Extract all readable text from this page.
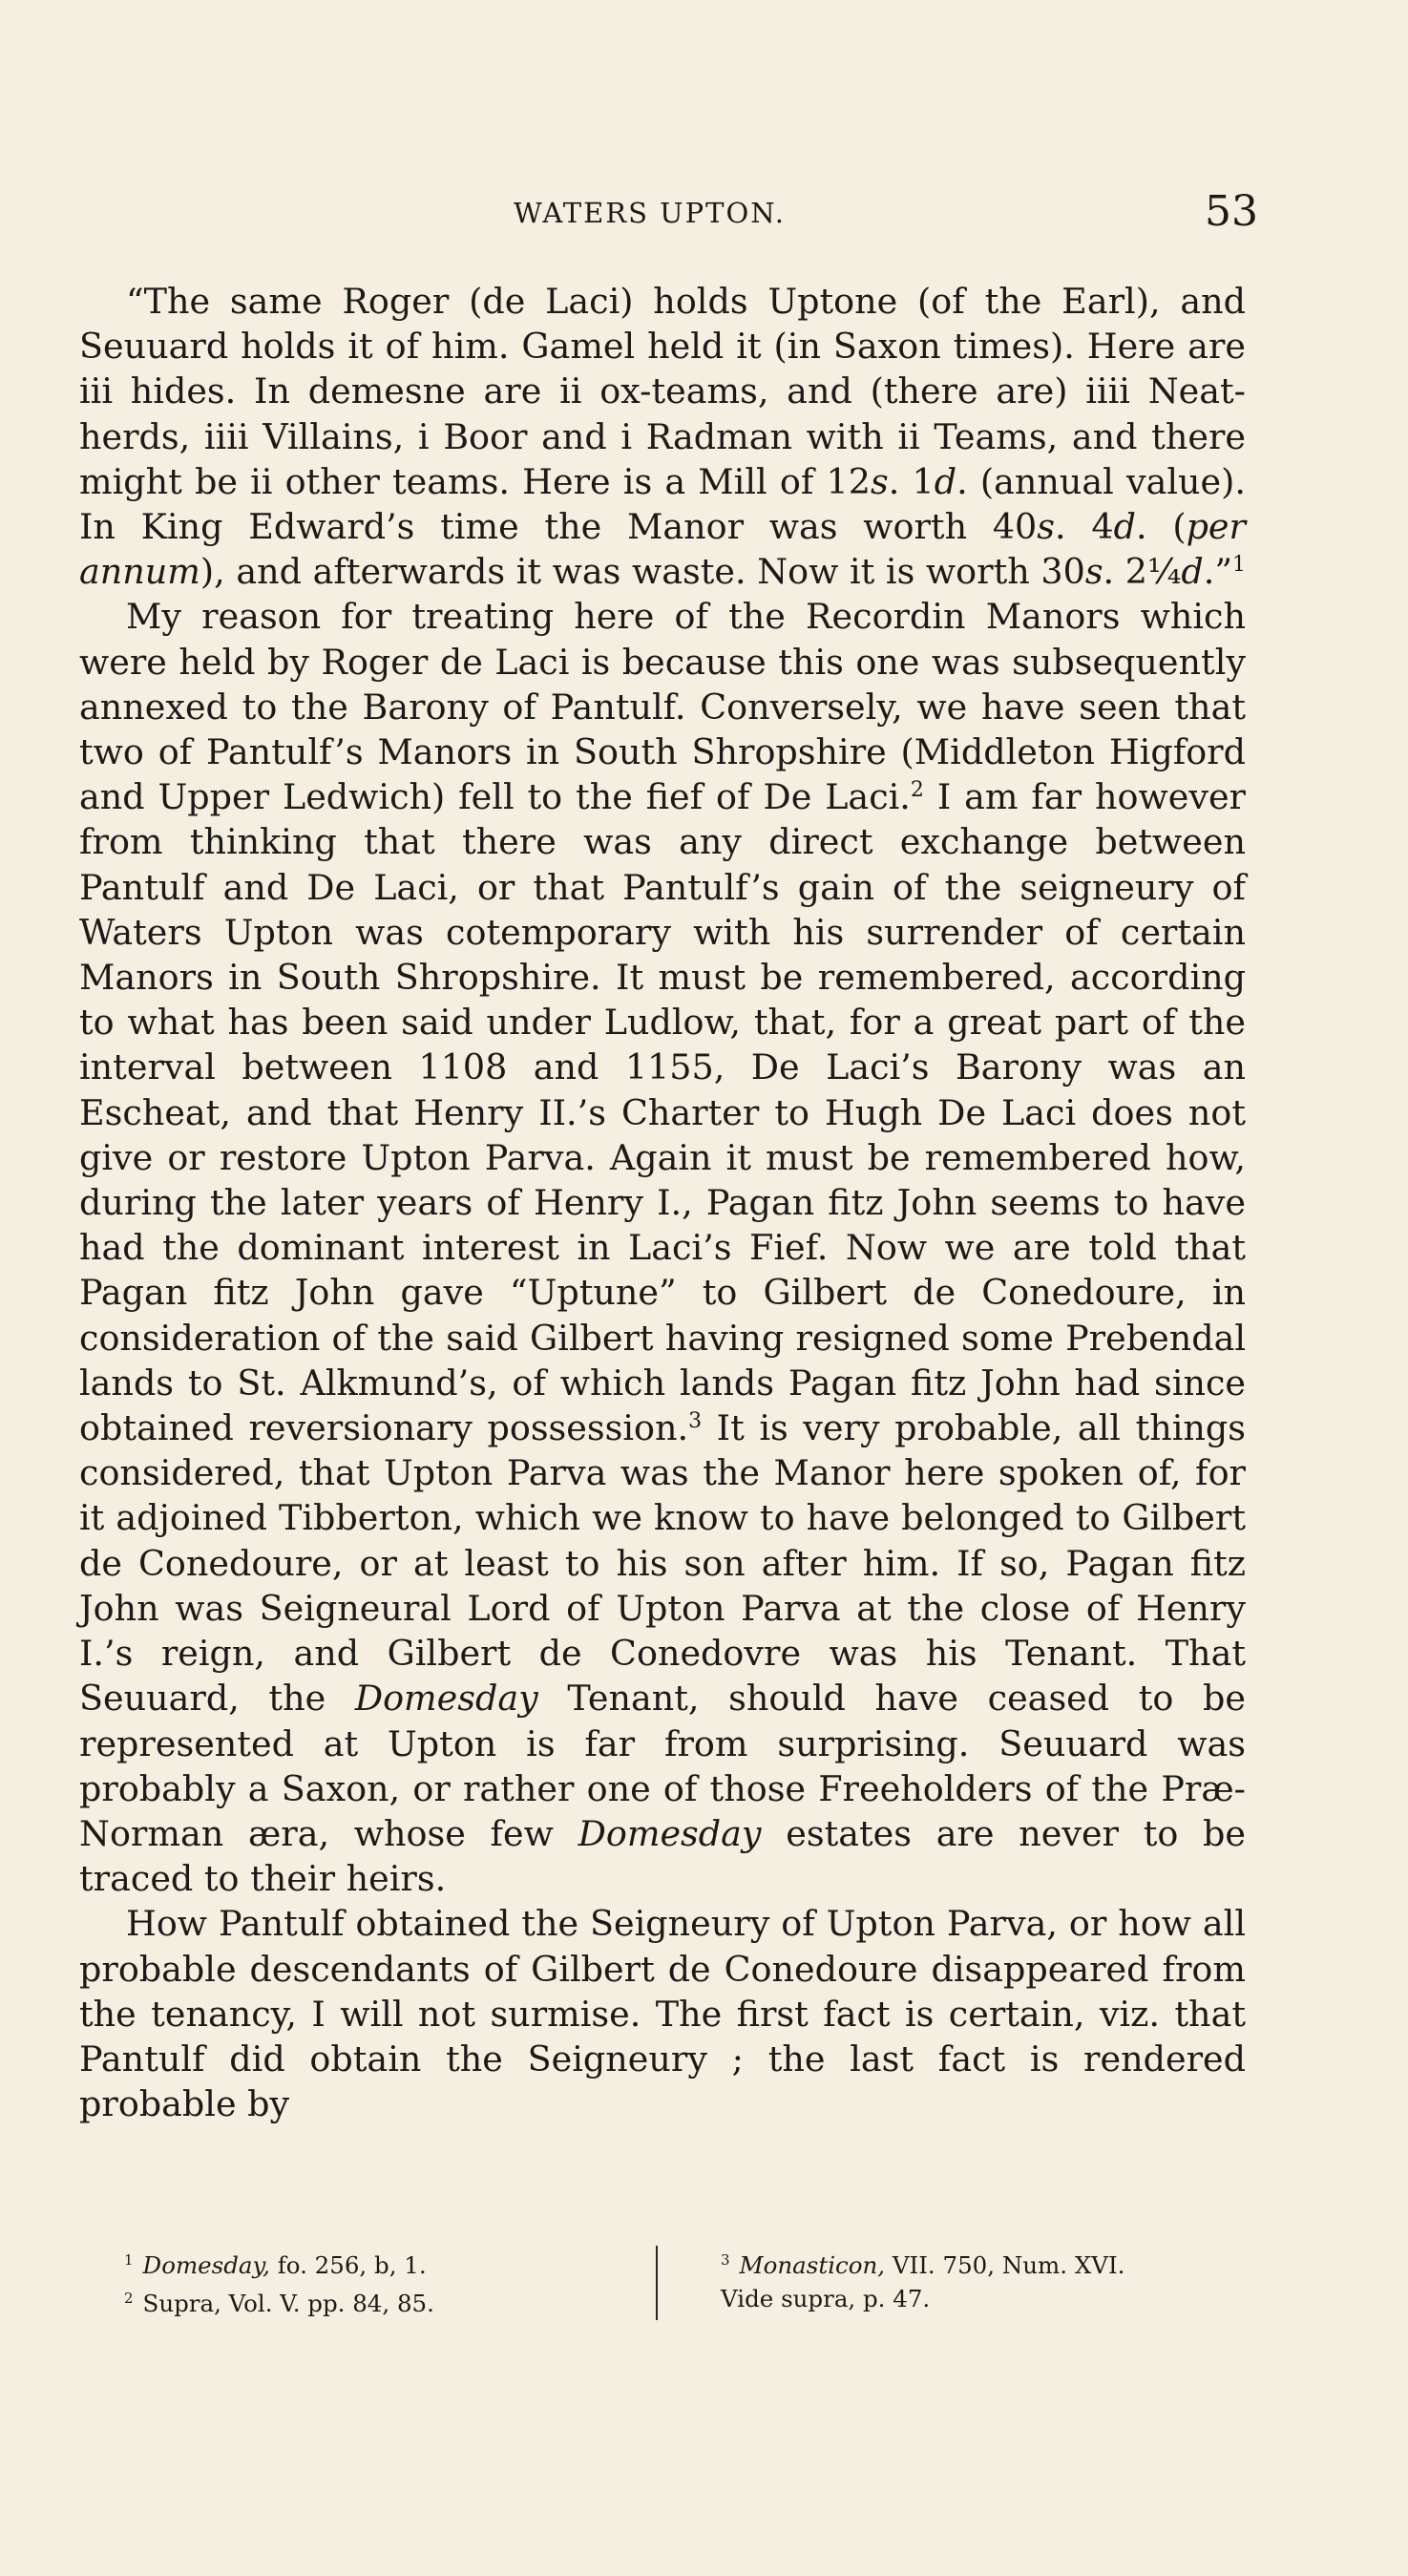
WATERS UPTON.	53

“The same Roger (de Laci) holds Uptone (of the Earl), and Seuuard holds it of him. Gamel held it (in Saxon times). Here are iii hides. In demesne are ii ox-teams, and (there are) iiii Neat-herds, iiii Villains, i Boor and i Radman with ii Teams, and there might be ii other teams. Here is a Mill of 12s. 1d. (annual value). In King Edward’s time the Manor was worth 40s. 4d. (per annum), and afterwards it was waste. Now it is worth 30s. 2¼d.”$^1$

My reason for treating here of the Recordin Manors which were held by Roger de Laci is because this one was subsequently annexed to the Barony of Pantulf. Conversely, we have seen that two of Pantulf’s Manors in South Shropshire (Middleton Higford and Upper Ledwich) fell to the fief of De Laci.$^2$ I am far however from thinking that there was any direct exchange between Pantulf and De Laci, or that Pantulf’s gain of the seigneury of Waters Upton was cotemporary with his surrender of certain Manors in South Shropshire. It must be remembered, according to what has been said under Ludlow, that, for a great part of the interval between 1108 and 1155, De Laci’s Barony was an Escheat, and that Henry II.’s Charter to Hugh De Laci does not give or restore Upton Parva. Again it must be remembered how, during the later years of Henry I., Pagan fitz John seems to have had the dominant interest in Laci’s Fief. Now we are told that Pagan fitz John gave “Uptune” to Gilbert de Conedoure, in consideration of the said Gilbert having resigned some Prebendal lands to St. Alkmund’s, of which lands Pagan fitz John had since obtained reversionary possession.$^3$ It is very probable, all things considered, that Upton Parva was the Manor here spoken of, for it adjoined Tibberton, which we know to have belonged to Gilbert de Conedoure, or at least to his son after him. If so, Pagan fitz John was Seigneural Lord of Upton Parva at the close of Henry I.’s reign, and Gilbert de Conedovre was his Tenant. That Seuuard, the Domesday Tenant, should have ceased to be represented at Upton is far from surprising. Seuuard was probably a Saxon, or rather one of those Freeholders of the Præ-Norman æra, whose few Domesday estates are never to be traced to their heirs.

How Pantulf obtained the Seigneury of Upton Parva, or how all probable descendants of Gilbert de Conedoure disappeared from the tenancy, I will not surmise. The first fact is certain, viz. that Pantulf did obtain the Seigneury ; the last fact is rendered probable by

$^1$ Domesday, fo. 256, b, 1.
$^2$ Supra, Vol. V. pp. 84, 85.
$^3$ Monasticon, VII. 750, Num. XVI.
Vide supra, p. 47.
